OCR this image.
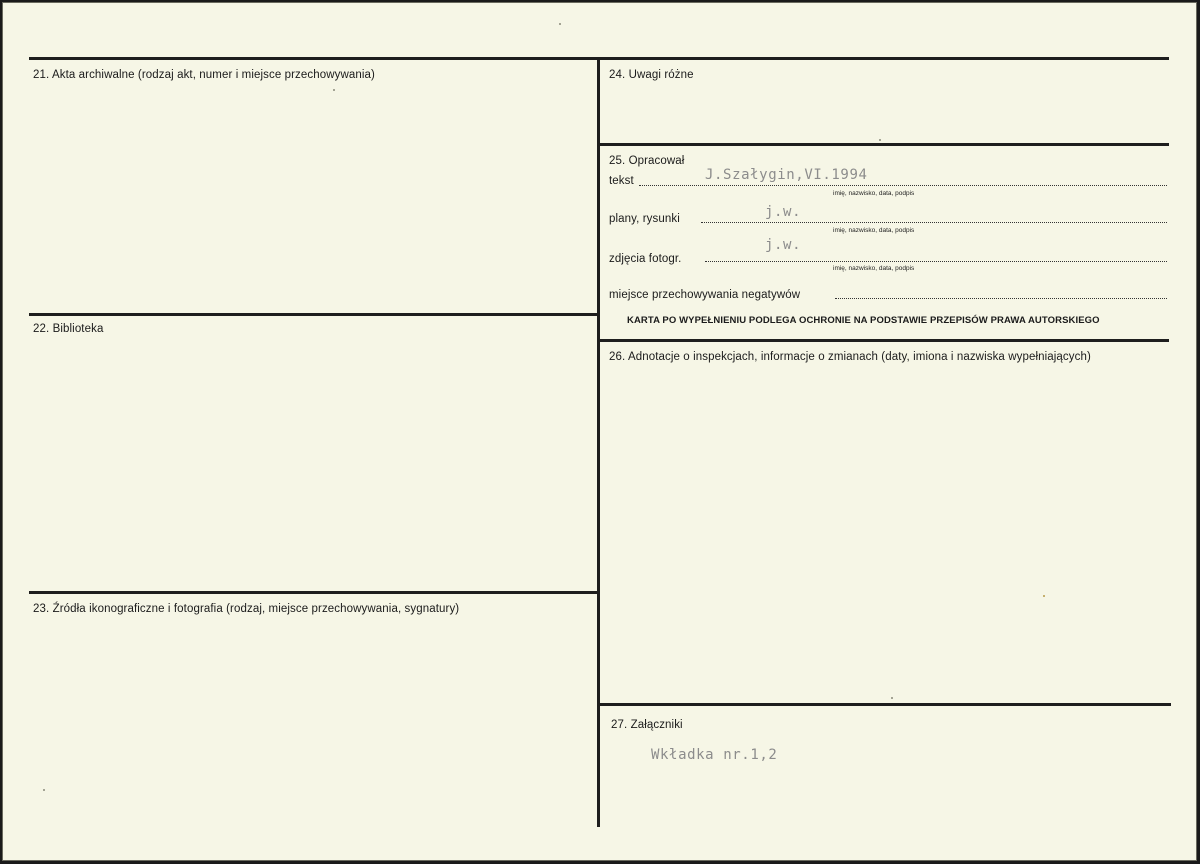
21. Akta archiwalne (rodzaj akt, numer i miejsce przechowywania)
22. Biblioteka
23. Źródła ikonograficzne i fotografia (rodzaj, miejsce przechowywania, sygnatury)
24. Uwagi różne
25. Opracował
tekst	J.Szałygin,VI.1994
imię, nazwisko, data, podpis
plany, rysunki	j.w.
imię, nazwisko, data, podpis
zdjęcia fotogr.
j.w.
imię, nazwisko, data, podpis
miejsce przechowywania negatywów
KARTA PO WYPEŁNIENIU PODLEGA OCHRONIE NA PODSTAWIE PRZEPISÓW PRAWA AUTORSKIEGO
26. Adnotacje o inspekcjach, informacje o zmianach (daty, imiona i nazwiska wypełniających)
27. Załączniki
Wkładka nr.1,2
